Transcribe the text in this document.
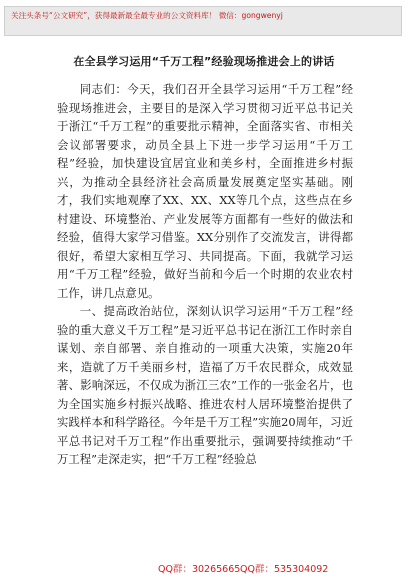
关注头条号“公文研究”，获得最新最全最专业的公文资料库！ 微信：gongwenyj
在全县学习运用“千万工程”经验现场推进会上的讲话

同志们：今天，我们召开全县学习运用“千万工程”经验现场推进会，主要目的是深入学习贯彻习近平总书记关于浙江“千万工程”的重要批示精神，全面落实省、市相关会议部署要求，动员全县上下进一步学习运用“千万工程”经验，加快建设宜居宜业和美乡村，全面推进乡村振兴，为推动全县经济社会高质量发展奠定坚实基础。刚才，我们实地观摩了XX、XX、XX等几个点，这些点在乡村建设、环境整治、产业发展等方面都有一些好的做法和经验，值得大家学习借鉴。XX分别作了交流发言，讲得都很好，希望大家相互学习、共同提高。下面，我就学习运用“千万工程”经验，做好当前和今后一个时期的农业农村工作，讲几点意见。

一、提高政治站位，深刻认识学习运用“千万工程”经验的重大意义千万工程”是习近平总书记在浙江工作时亲自谋划、亲自部署、亲自推动的一项重大决策，实施20年来，造就了万千美丽乡村，造福了万千农民群众，成效显著、影响深远，不仅成为浙江三农”工作的一张金名片，也为全国实施乡村振兴战略、推进农村人居环境整治提供了实践样本和科学路径。今年是千万工程”实施20周年，习近平总书记对千万工程”作出重要批示，强调要持续推动“千万工程”走深走实，把“千万工程”经验总

QQ群：30265665 QQ群：535304092
